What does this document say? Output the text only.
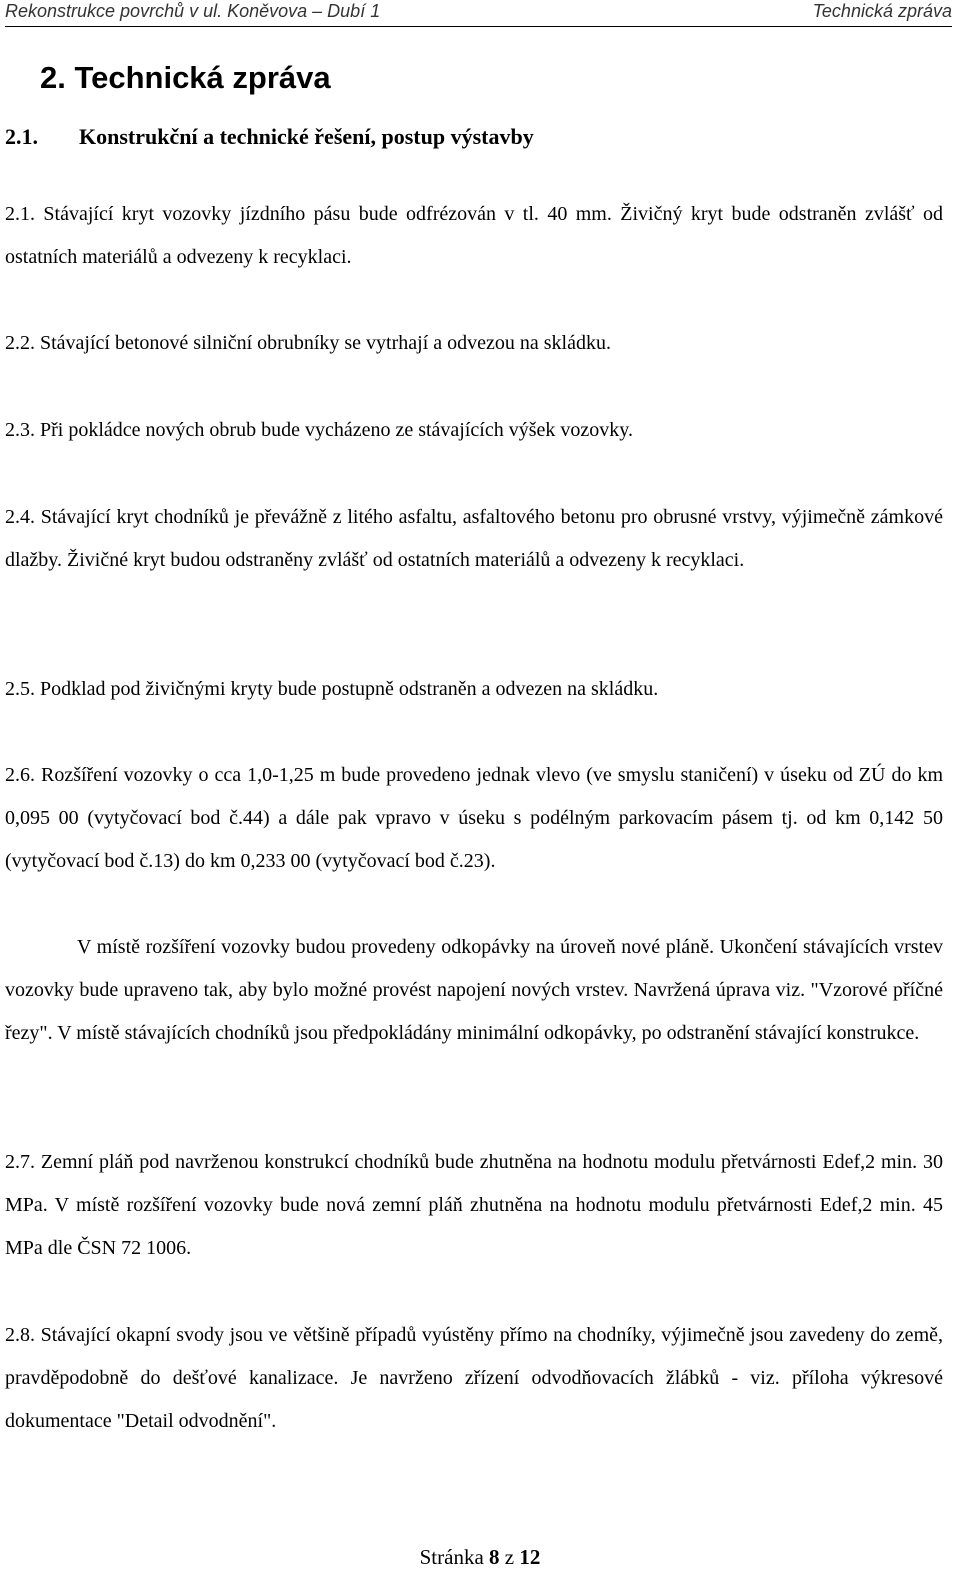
Rekonstrukce povrchů v ul. Koněvova – Dubí 1	Technická zpráva
2. Technická zpráva
2.1. Konstrukční a technické řešení, postup výstavby
2.1. Stávající kryt vozovky jízdního pásu bude odfrézován v tl. 40 mm. Živičný kryt bude odstraněn zvlášť od ostatních materiálů a odvezeny k recyklaci.
2.2. Stávající betonové silniční obrubníky se vytrhají a odvezou na skládku.
2.3. Při pokládce nových obrub bude vycházeno ze stávajících výšek vozovky.
2.4. Stávající kryt chodníků je převážně z litého asfaltu, asfaltového betonu pro obrusné vrstvy, výjimečně zámkové dlažby. Živičné kryt budou odstraněny zvlášť od ostatních materiálů a odvezeny k recyklaci.
2.5. Podklad pod živičnými kryty bude postupně odstraněn a odvezen na skládku.
2.6. Rozšíření vozovky o cca 1,0-1,25 m bude provedeno jednak vlevo (ve smyslu staničení) v úseku od ZÚ do km 0,095 00 (vytyčovací bod č.44) a dále pak vpravo v úseku s podélným parkovacím pásem tj. od km 0,142 50 (vytyčovací bod č.13) do km 0,233 00 (vytyčovací bod č.23).
V místě rozšíření vozovky budou provedeny odkopávky na úroveň nové pláně. Ukončení stávajících vrstev vozovky bude upraveno tak, aby bylo možné provést napojení nových vrstev. Navržená úprava viz. "Vzorové příčné řezy". V místě stávajících chodníků jsou předpokládány minimální odkopávky, po odstranění stávající konstrukce.
2.7. Zemní pláň pod navrženou konstrukcí chodníků bude zhutněna na hodnotu modulu přetvárnosti Edef,2 min. 30 MPa. V místě rozšíření vozovky bude nová zemní pláň zhutněna na hodnotu modulu přetvárnosti Edef,2 min. 45 MPa dle ČSN 72 1006.
2.8. Stávající okapní svody jsou ve většině případů vyústěny přímo na chodníky, výjimečně jsou zavedeny do země, pravděpodobně do dešťové kanalizace. Je navrženo zřízení odvodňovacích žlábků - viz. příloha výkresové dokumentace "Detail odvodnění".
Stránka 8 z 12
